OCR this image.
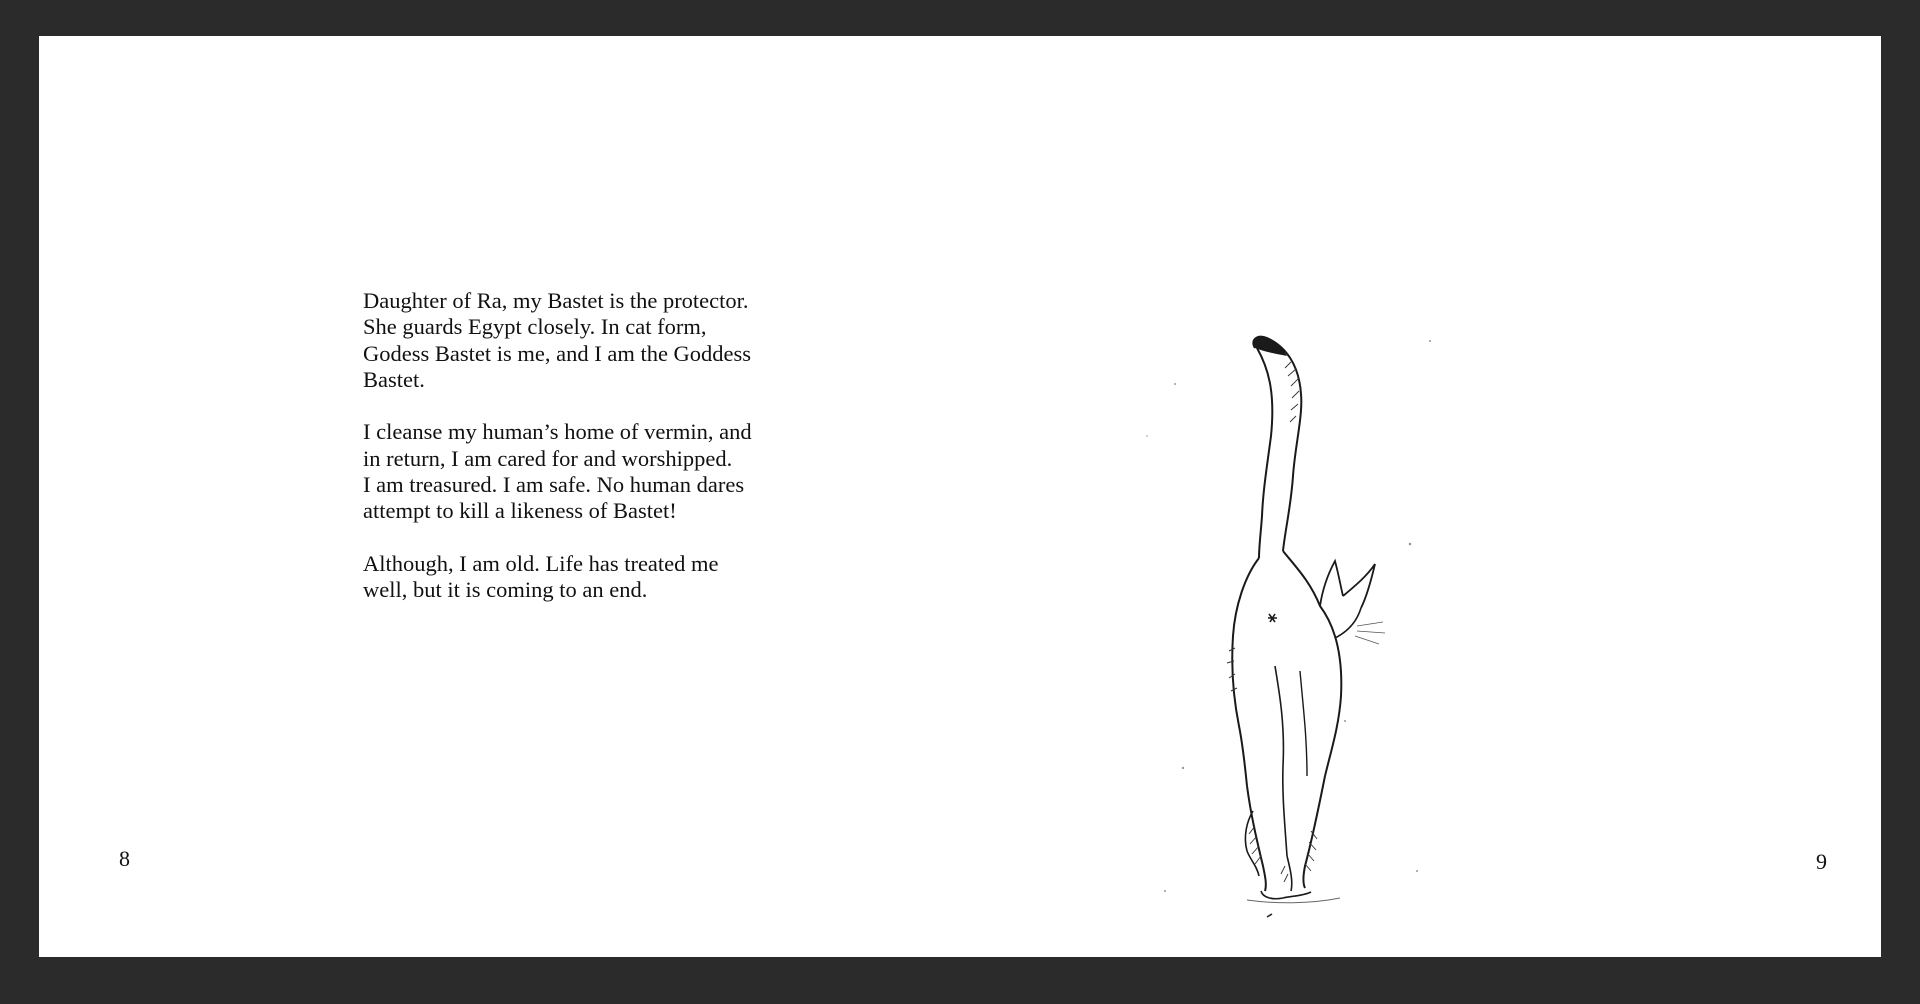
Daughter of Ra, my Bastet is the protector.
She guards Egypt closely. In cat form,
Godess Bastet is me, and I am the Goddess
Bastet.

I cleanse my human’s home of vermin, and
in return, I am cared for and worshipped.
I am treasured. I am safe. No human dares
attempt to kill a likeness of Bastet!

Although, I am old. Life has treated me
well, but it is coming to an end.

8	9
